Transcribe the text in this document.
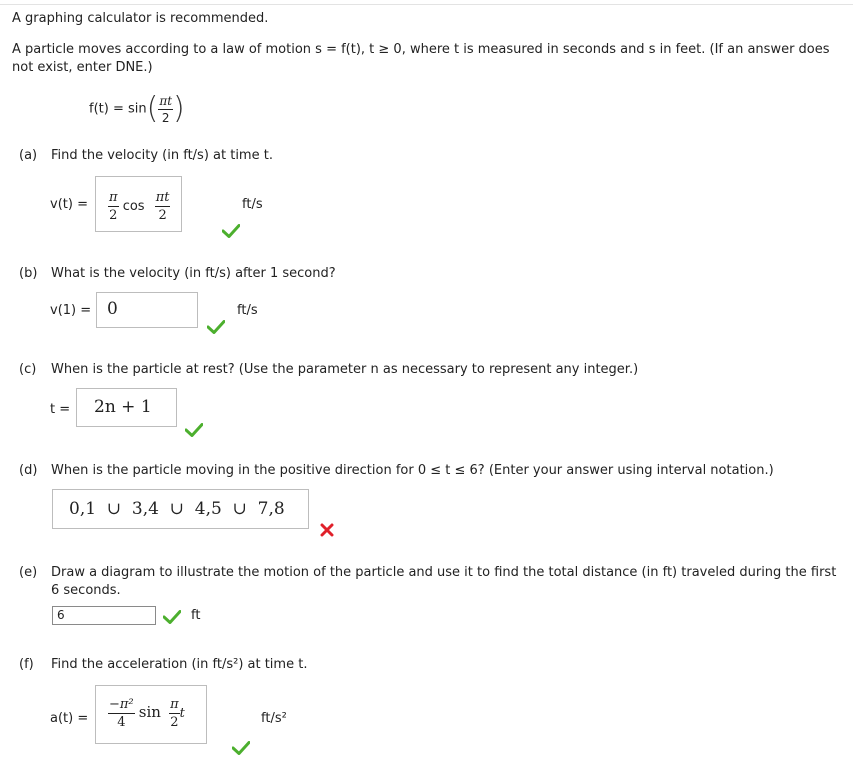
A graphing calculator is recommended.
A particle moves according to a law of motion s = f(t), t ≥ 0, where t is measured in seconds and s in feet. (If an answer does
not exist, enter DNE.)
$f(t) = \sin( \frac{\pi t}{2}$ )
(a) Find the velocity (in ft/s) at time t.
$v(t) = \frac{\pi}{2}$ $\cos \frac{\pi t}{2}$	ft/s
(b) What is the velocity (in ft/s) after 1 second?
v(1) = 0	ft/s
(c) When is the particle at rest? (Use the parameter n as necessary to represent any integer.)
t = 2n + 1
(d) When is the particle moving in the positive direction for 0 ≤ t ≤ 6? (Enter your answer using interval notation.)
0,1  ∪  3,4  ∪  4,5  ∪  7,8
(e) Draw a diagram to illustrate the motion of the particle and use it to find the total distance (in ft) traveled during the first
6 seconds.
6	ft
(f) Find the acceleration (in ft/s²) at time t.
$a(t) = \frac{\text{−π²}}{4}$ $\sin \frac{\pi}{2}$ t	ft/s²
